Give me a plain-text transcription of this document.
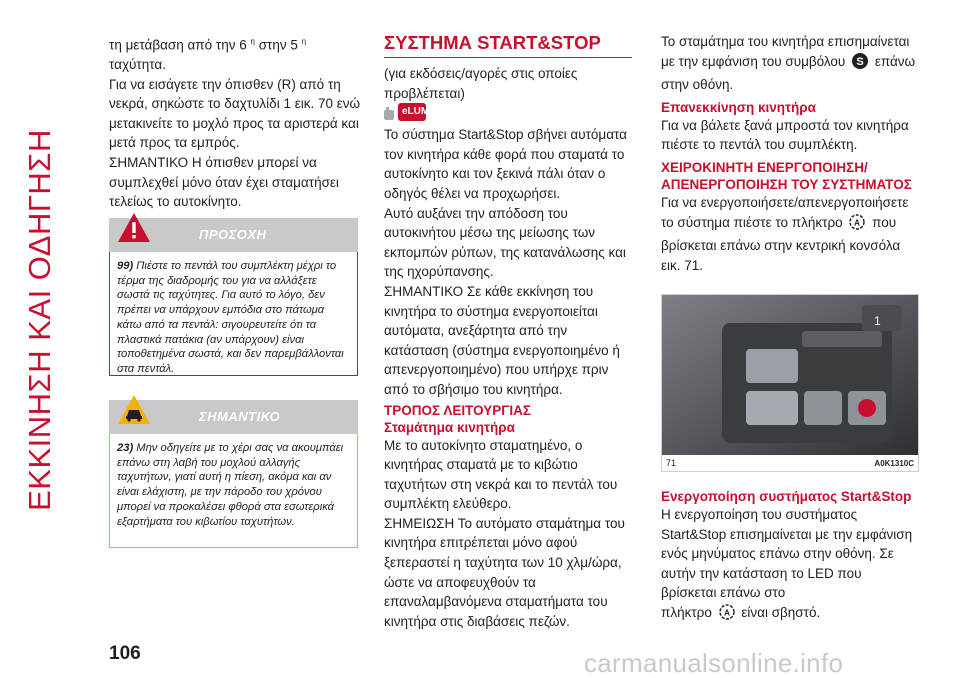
ΕΚΚΙΝΗΣΗ ΚΑΙ ΟΔΗΓΗΣΗ

τη μετάβαση από την 6 $^\eta$ στην 5 $^\eta$
ταχύτητα.

Για να εισάγετε την όπισθεν (R) από τη νεκρά, σηκώστε το δαχτυλίδι 1 εικ. 70 ενώ μετακινείτε το μοχλό προς τα αριστερά και μετά προς τα εμπρός.

ΣΗΜΑΝΤΙΚΟ Η όπισθεν μπορεί να συμπλεχθεί μόνο όταν έχει σταματήσει τελείως το αυτοκίνητο.

ΠΡΟΣΟΧΗ
99) Πιέστε το πεντάλ του συμπλέκτη μέχρι το τέρμα της διαδρομής του για να αλλάξετε σωστά τις ταχύτητες. Για αυτό το λόγο, δεν πρέπει να υπάρχουν εμπόδια στο πάτωμα κάτω από τα πεντάλ: σιγουρευτείτε ότι τα πλαστικά πατάκια (αν υπάρχουν) είναι τοποθετημένα σωστά, και δεν παρεμβάλλονται στα πεντάλ.
ΣΗΜΑΝΤΙΚΟ
23) Μην οδηγείτε με το χέρι σας να ακουμπάει επάνω στη λαβή του μοχλού αλλαγής ταχυτήτων, γιατί αυτή η πίεση, ακόμα και αν είναι ελάχιστη, με την πάροδο του χρόνου μπορεί να προκαλέσει φθορά στα εσωτερικά εξαρτήματα του κιβωτίου ταχυτήτων.
ΣΥΣΤΗΜΑ START&STOP

(για εκδόσεις/αγορές στις οποίες προβλέπεται)

eLUM

Το σύστημα Start&Stop σβήνει αυτόματα τον κινητήρα κάθε φορά που σταματά το αυτοκίνητο και τον ξεκινά πάλι όταν ο οδηγός θέλει να προχωρήσει.

Αυτό αυξάνει την απόδοση του αυτοκινήτου μέσω της μείωσης των εκπομπών ρύπων, της κατανάλωσης και της ηχορύπανσης.

ΣΗΜΑΝΤΙΚΟ Σε κάθε εκκίνηση του κινητήρα το σύστημα ενεργοποιείται αυτόματα, ανεξάρτητα από την κατάσταση (σύστημα ενεργοποιημένο ή απενεργοποιημένο) που υπήρχε πριν από το σβήσιμο του κινητήρα.

ΤΡΟΠΟΣ ΛΕΙΤΟΥΡΓΙΑΣ
Σταμάτημα κινητήρα

Με το αυτοκίνητο σταματημένο, ο κινητήρας σταματά με το κιβώτιο ταχυτήτων στη νεκρά και το πεντάλ του συμπλέκτη ελεύθερο.

ΣΗΜΕΙΩΣΗ Το αυτόματο σταμάτημα του κινητήρα επιτρέπεται μόνο αφού ξεπεραστεί η ταχύτητα των 10 χλμ/ώρα, ώστε να αποφευχθούν τα επαναλαμβανόμενα σταματήματα του κινητήρα στις διαβάσεις πεζών.

Το σταμάτημα του κινητήρα επισημαίνεται με την εμφάνιση του συμβόλου S επάνω στην οθόνη.

Επανεκκίνηση κινητήρα

Για να βάλετε ξανά μπροστά τον κινητήρα πιέστε το πεντάλ του συμπλέκτη.

ΧΕΙΡΟΚΙΝΗΤΗ ΕΝΕΡΓΟΠΟΙΗΣΗ/ΑΠΕΝΕΡΓΟΠΟΙΗΣΗ ΤΟΥ ΣΥΣΤΗΜΑΤΟΣ

Για να ενεργοποιήσετε/απενεργοποιήσετε το σύστημα πιέστε το πλήκτρο A που βρίσκεται επάνω στην κεντρική κονσόλα εικ. 71.

1
71	A0K1310C
Ενεργοποίηση συστήματος Start&Stop

Η ενεργοποίηση του συστήματος Start&Stop επισημαίνεται με την εμφάνιση ενός μηνύματος επάνω στην οθόνη. Σε αυτήν την κατάσταση το LED που βρίσκεται επάνω στο

πλήκτρο A είναι σβηστό.

106	carmanualsonline.info
